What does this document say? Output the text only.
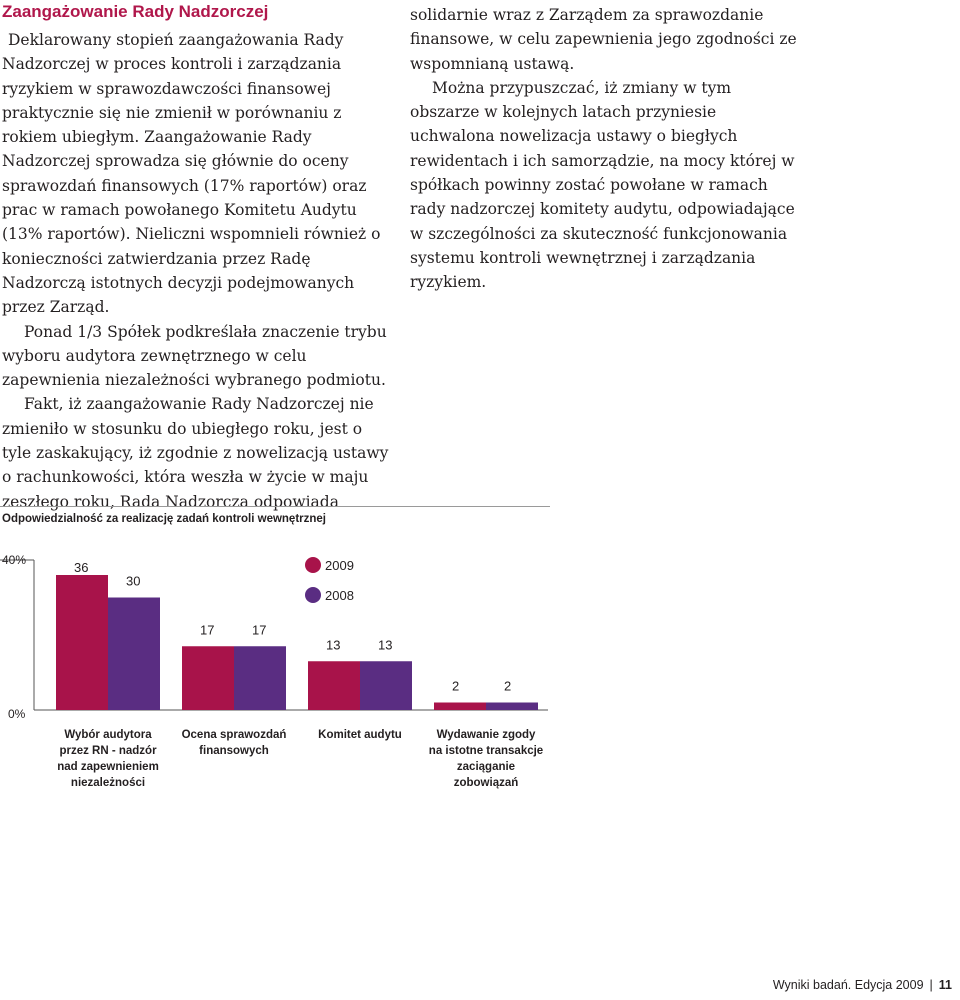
Zaangażowanie Rady Nadzorczej

Deklarowany stopień zaangażowania Rady Nadzorczej w proces kontroli i zarządzania ryzykiem w sprawozdawczości finansowej praktycznie się nie zmienił w porównaniu z rokiem ubiegłym. Zaangażowanie Rady Nadzorczej sprowadza się głównie do oceny sprawozdań finansowych (17% raportów) oraz prac w ramach powołanego Komitetu Audytu (13% raportów). Nieliczni wspomnieli również o konieczności zatwierdzania przez Radę Nadzorczą istotnych decyzji podejmowanych przez Zarząd.

Ponad 1/3 Spółek podkreślała znaczenie trybu wyboru audytora zewnętrznego w celu zapewnienia niezależności wybranego podmiotu.

Fakt, iż zaangażowanie Rady Nadzorczej nie zmieniło w stosunku do ubiegłego roku, jest o tyle zaskakujący, iż zgodnie z nowelizacją ustawy o rachunkowości, która weszła w życie w maju zeszłego roku, Rada Nadzorcza odpowiada

solidarnie wraz z Zarządem za sprawozdanie finansowe, w celu zapewnienia jego zgodności ze wspomnianą ustawą.

Można przypuszczać, iż zmiany w tym obszarze w kolejnych latach przyniesie uchwalona nowelizacja ustawy o biegłych rewidentach i ich samorządzie, na mocy której w spółkach powinny zostać powołane w ramach rady nadzorczej komitety audytu, odpowiadające w szczególności za skuteczność funkcjonowania systemu kontroli wewnętrznej i zarządzania ryzykiem.

Odpowiedzialność za realizację zadań kontroli wewnętrznej
40%
0%
36
17
13
2
30
17
13
2
Wybór audytora
przez RN - nadzór
nad zapewnieniem
niezależności
Ocena sprawozdań
finansowych
Komitet audytu	Wydawanie zgody
na istotne transakcje
zaciąganie
zobowiązań
2009
2008
Wyniki badań. Edycja 2009 | 11
